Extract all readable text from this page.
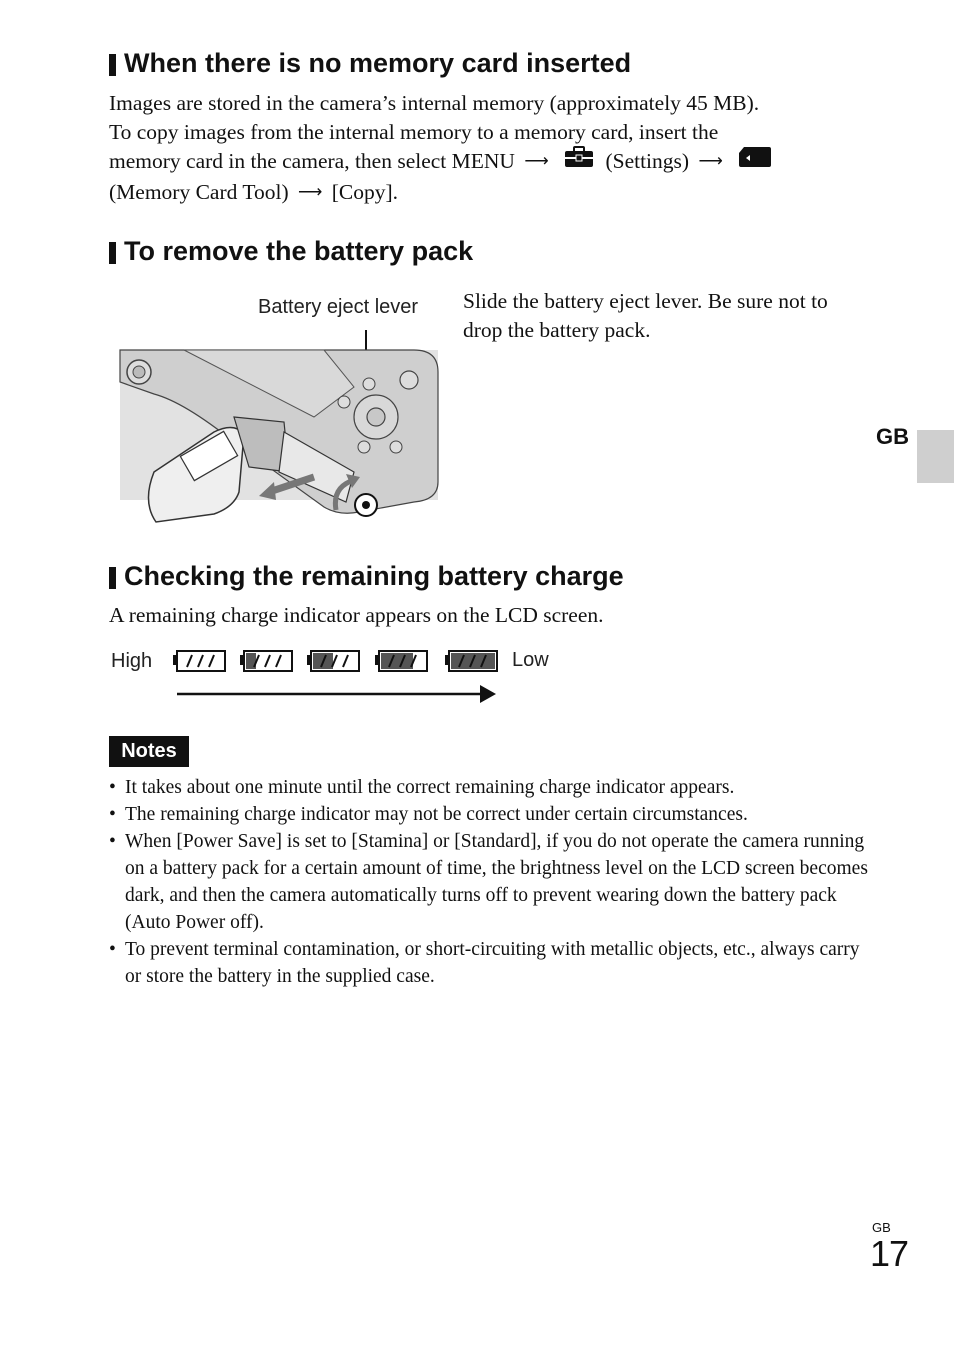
When there is no memory card inserted
Images are stored in the camera’s internal memory (approximately 45 MB).
To copy images from the internal memory to a memory card, insert the
memory card in the camera, then select MENU ⟶	(Settings) ⟶
(Memory Card Tool) ⟶ [Copy].
To remove the battery pack
Battery eject lever Slide the battery eject lever. Be sure not to drop the battery pack.
GB
Checking the remaining battery charge
A remaining charge indicator appears on the LCD screen.
High	Low
Notes
• It takes about one minute until the correct remaining charge indicator appears.
• The remaining charge indicator may not be correct under certain circumstances.
• When [Power Save] is set to [Stamina] or [Standard], if you do not operate the camera running on a battery pack for a certain amount of time, the brightness level on the LCD screen becomes dark, and then the camera automatically turns off to prevent wearing down the battery pack (Auto Power off).
• To prevent terminal contamination, or short-circuiting with metallic objects, etc., always carry or store the battery in the supplied case.
GB
17
